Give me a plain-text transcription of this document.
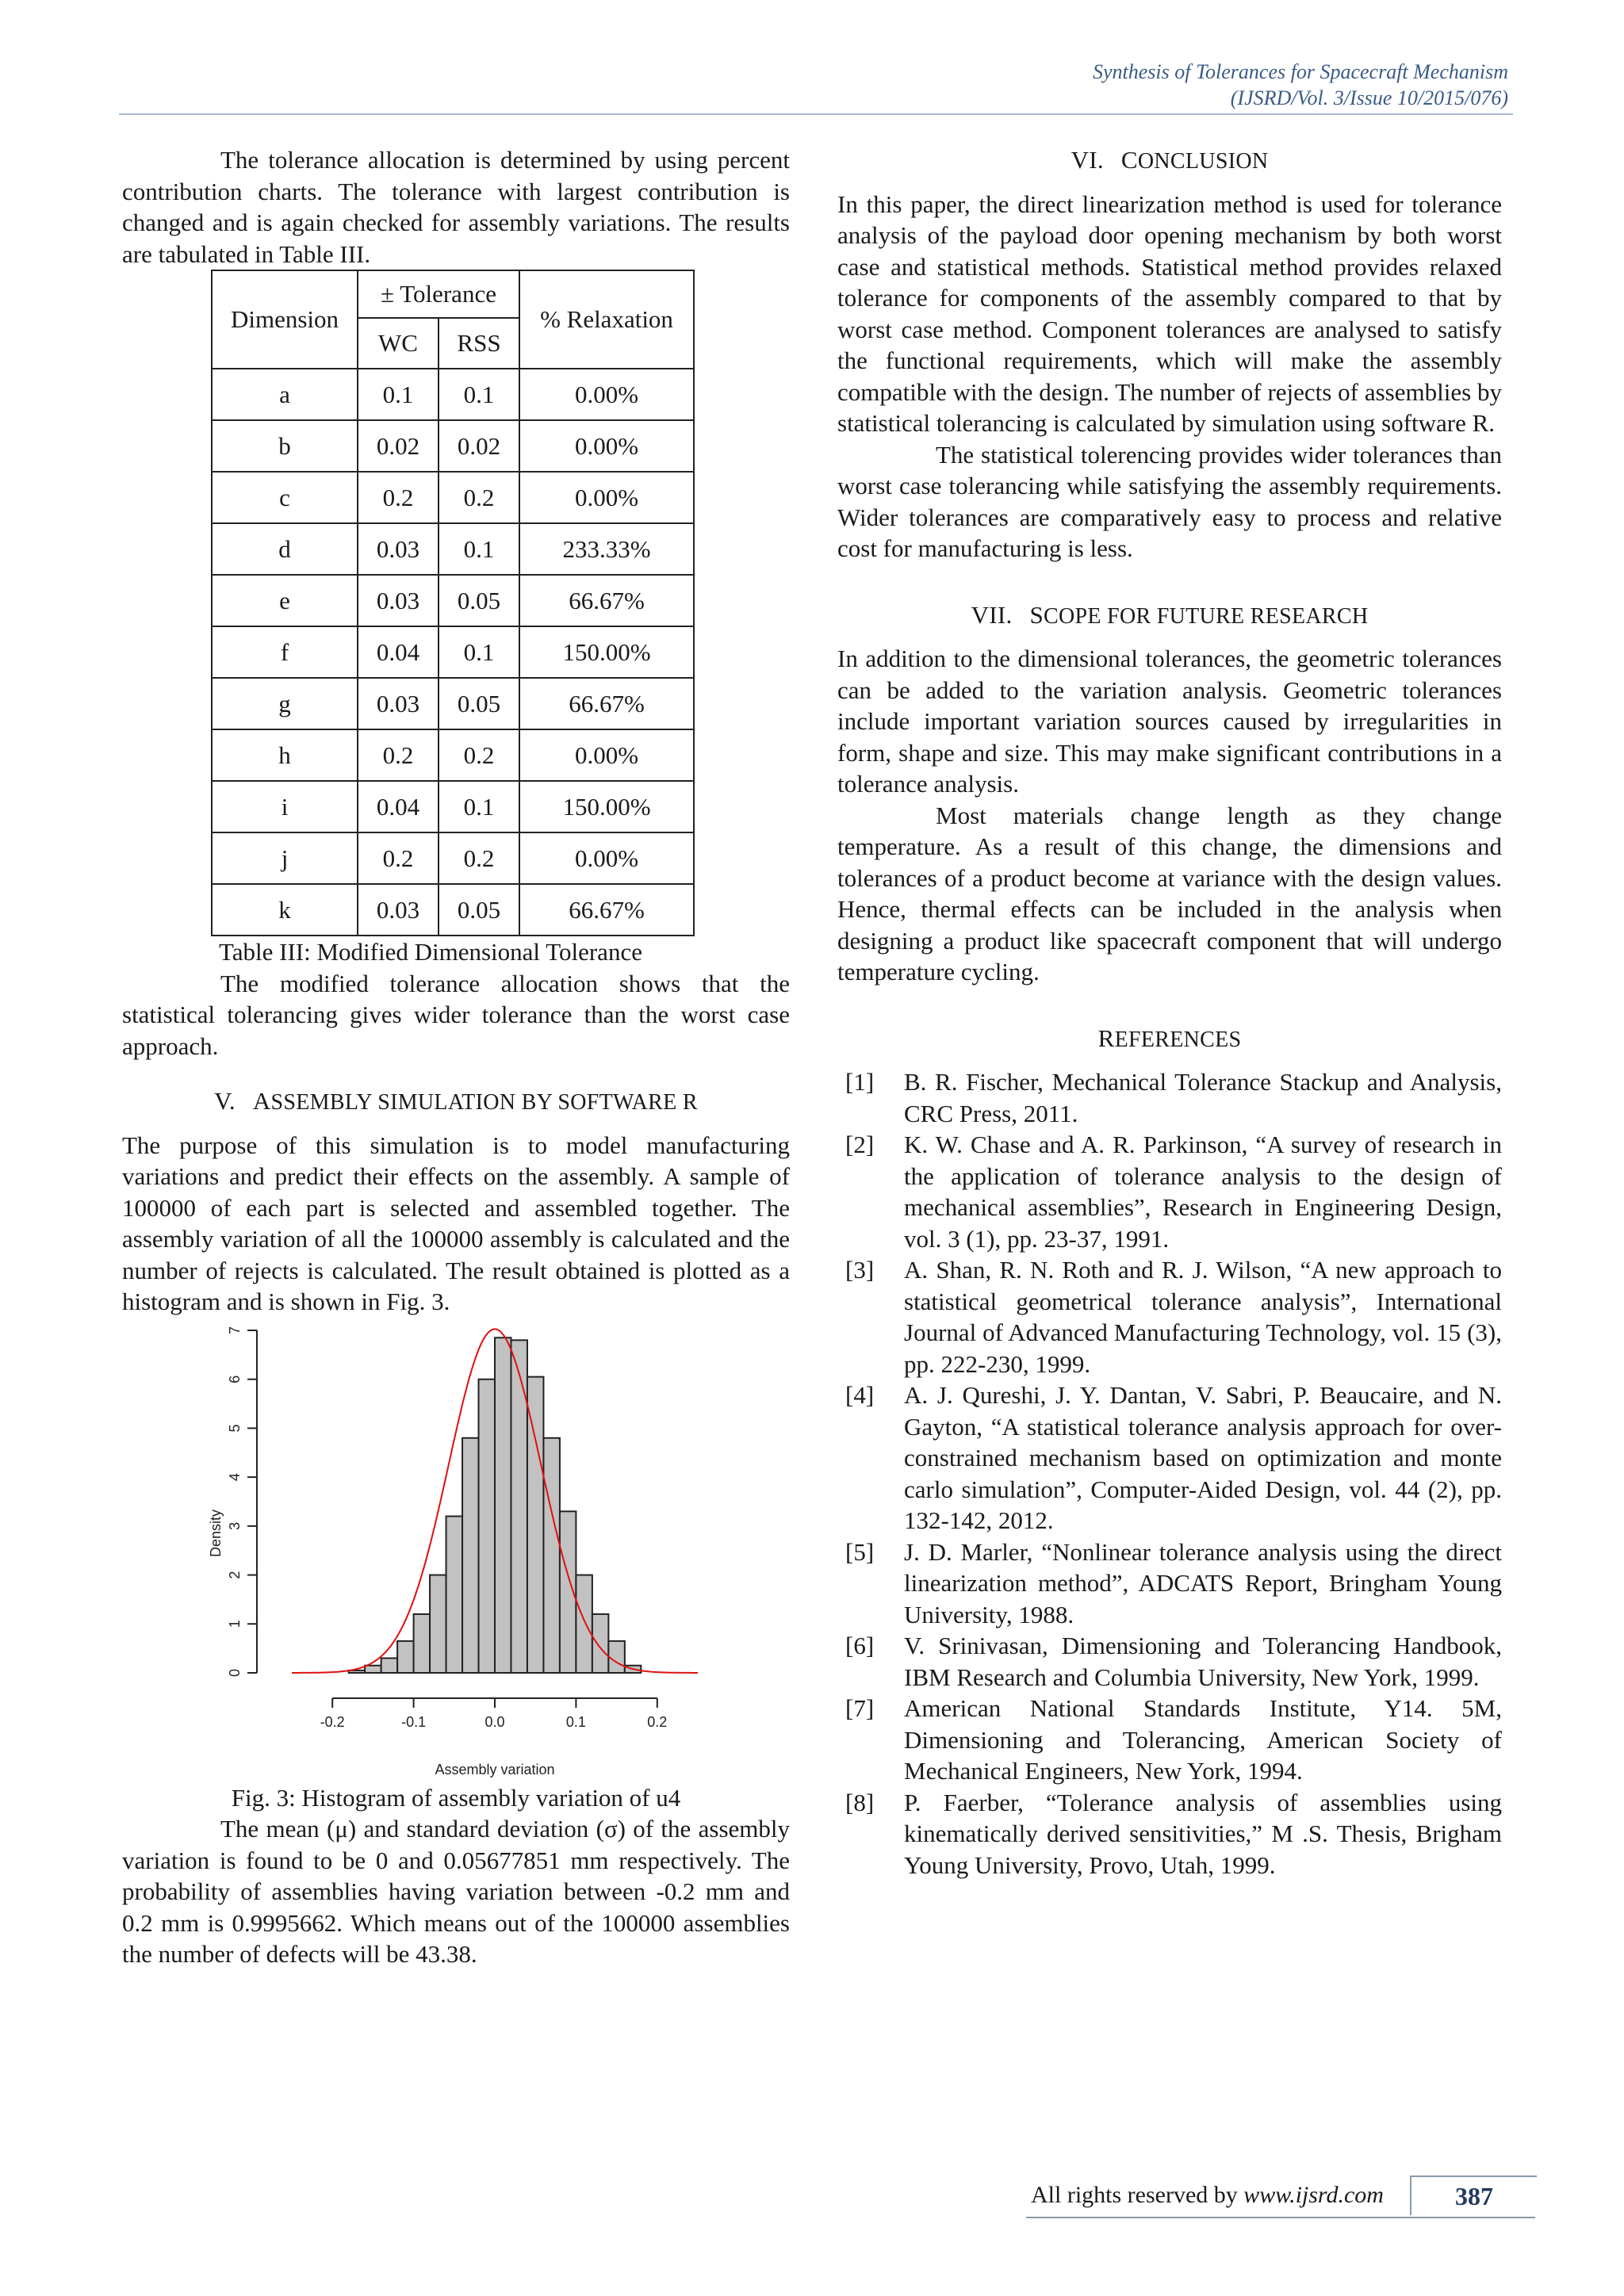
Synthesis of Tolerances for Spacecraft Mechanism
(IJSRD/Vol. 3/Issue 10/2015/076)

The tolerance allocation is determined by using percent contribution charts. The tolerance with largest contribution is changed and is again checked for assembly variations. The results are tabulated in Table III.

Dimension	± Tolerance		% Relaxation
	WC	RSS	
a	0.1	0.1	0.00%
b	0.02	0.02	0.00%
c	0.2	0.2	0.00%
d	0.03	0.1	233.33%
e	0.03	0.05	66.67%
f	0.04	0.1	150.00%
g	0.03	0.05	66.67%
h	0.2	0.2	0.00%
i	0.04	0.1	150.00%
j	0.2	0.2	0.00%
k	0.03	0.05	66.67%

Table III: Modified Dimensional Tolerance

The modified tolerance allocation shows that the statistical tolerancing gives wider tolerance than the worst case approach.

V. ASSEMBLY SIMULATION BY SOFTWARE R

The purpose of this simulation is to model manufacturing variations and predict their effects on the assembly. A sample of 100000 of each part is selected and assembled together. The assembly variation of all the 100000 assembly is calculated and the number of rejects is calculated. The result obtained is plotted as a histogram and is shown in Fig. 3.

0
1
2
3
4
5
6
7
Density
-0.2	-0.1	0.0	0.1	0.2
Assembly variation

Fig. 3: Histogram of assembly variation of u4

The mean (μ) and standard deviation (σ) of the assembly variation is found to be 0 and 0.05677851 mm respectively. The probability of assemblies having variation between -0.2 mm and 0.2 mm is 0.9995662. Which means out of the 100000 assemblies the number of defects will be 43.38.

VI. CONCLUSION

In this paper, the direct linearization method is used for tolerance analysis of the payload door opening mechanism by both worst case and statistical methods. Statistical method provides relaxed tolerance for components of the assembly compared to that by worst case method. Component tolerances are analysed to satisfy the functional requirements, which will make the assembly compatible with the design. The number of rejects of assemblies by statistical tolerancing is calculated by simulation using software R.

The statistical tolerencing provides wider tolerances than worst case tolerancing while satisfying the assembly requirements. Wider tolerances are comparatively easy to process and relative cost for manufacturing is less.

VII. SCOPE FOR FUTURE RESEARCH

In addition to the dimensional tolerances, the geometric tolerances can be added to the variation analysis. Geometric tolerances include important variation sources caused by irregularities in form, shape and size. This may make significant contributions in a tolerance analysis.

Most materials change length as they change temperature. As a result of this change, the dimensions and tolerances of a product become at variance with the design values. Hence, thermal effects can be included in the analysis when designing a product like spacecraft component that will undergo temperature cycling.

REFERENCES
[1]	B. R. Fischer, Mechanical Tolerance Stackup and Analysis, CRC Press, 2011.
[2]	K. W. Chase and A. R. Parkinson, “A survey of research in the application of tolerance analysis to the design of mechanical assemblies”, Research in Engineering Design, vol. 3 (1), pp. 23-37, 1991.
[3]	A. Shan, R. N. Roth and R. J. Wilson, “A new approach to statistical geometrical tolerance analysis”, International Journal of Advanced Manufacturing Technology, vol. 15 (3), pp. 222-230, 1999.
[4]	A. J. Qureshi, J. Y. Dantan, V. Sabri, P. Beaucaire, and N. Gayton, “A statistical tolerance analysis approach for over-constrained mechanism based on optimization and monte carlo simulation”, Computer-Aided Design, vol. 44 (2), pp. 132-142, 2012.
[5]	J. D. Marler, “Nonlinear tolerance analysis using the direct linearization method”, ADCATS Report, Bringham Young University, 1988.
[6]	V. Srinivasan, Dimensioning and Tolerancing Handbook, IBM Research and Columbia University, New York, 1999.
[7]	American National Standards Institute, Y14. 5M, Dimensioning and Tolerancing, American Society of Mechanical Engineers, New York, 1994.
[8]	P. Faerber, “Tolerance analysis of assemblies using kinematically derived sensitivities,” M .S. Thesis, Brigham Young University, Provo, Utah, 1999.
All rights reserved by www.ijsrd.com	387
